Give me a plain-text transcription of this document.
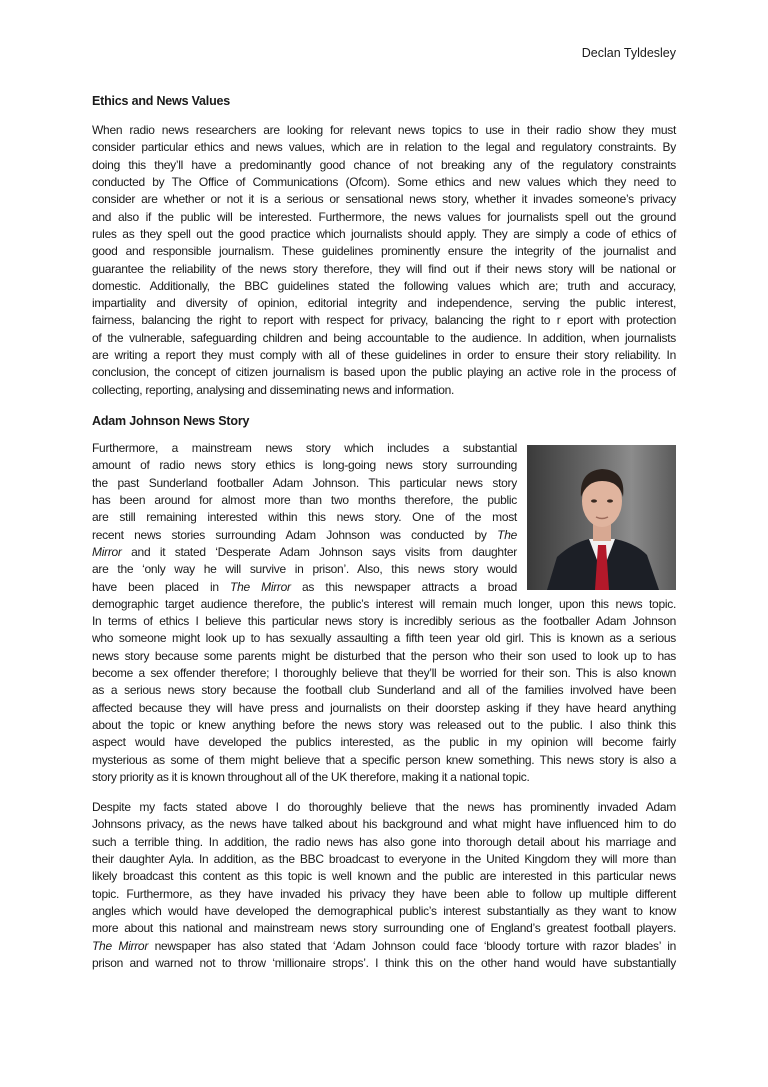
Declan Tyldesley
Ethics and News Values
When radio news researchers are looking for relevant news topics to use in their radio show they must
consider particular ethics and news values, which are in relation to the legal and regulatory constraints. By
doing this they’ll have a predominantly good chance of not breaking any of the regulatory constraints
conducted by The Office of Communications (Ofcom). Some ethics and new values which they need to
consider are whether or not it is a serious or sensational news story, whether it invades someone’s privacy
and also if the public will be interested. Furthermore, the news values for journalists spell out the ground
rules as they spell out the good practice which journalists should apply. They are simply a code of ethics of
good and responsible journalism. These guidelines prominently ensure the integrity of the journalist and
guarantee the reliability of the news story therefore, they will find out if their news story will be national or
domestic. Additionally, the BBC guidelines stated the following values which are; truth and accuracy,
impartiality and diversity of opinion, editorial integrity and independence, serving the public interest,
fairness, balancing the right to report with respect for privacy, balancing the right to r eport with protection
of the vulnerable, safeguarding children and being accountable to the audience. In addition, when journalists
are writing a report they must comply with all of these guidelines in order to ensure their story reliability. In
conclusion, the concept of citizen journalism is based upon the public playing an active role in the process of
collecting, reporting, analysing and disseminating news and information.
Adam Johnson News Story
Furthermore, a mainstream news story which includes a substantial
amount of radio news story ethics is long-going news story surrounding
the past Sunderland footballer Adam Johnson. This particular news story
has been around for almost more than two months therefore, the public
are still remaining interested within this news story. One of the most
recent news stories surrounding Adam Johnson was conducted by The
Mirror and it stated ‘Desperate Adam Johnson says visits from daughter
are the ‘only way he will survive in prison’. Also, this news story would
have been placed in The Mirror as this newspaper attracts a broad
demographic target audience therefore, the public’s interest will remain much longer, upon this news topic.
In terms of ethics I believe this particular news story is incredibly serious as the footballer Adam Johnson
who someone might look up to has sexually assaulting a fifth teen year old girl. This is known as a serious
news story because some parents might be disturbed that the person who their son used to look up to has
become a sex offender therefore; I thoroughly believe that they’ll be worried for their son. This is also known
as a serious news story because the football club Sunderland and all of the families involved have been
affected because they will have press and journalists on their doorstep asking if they have heard anything
about the topic or knew anything before the news story was released out to the public. I also think this
aspect would have developed the publics interested, as the public in my opinion will become fairly
mysterious as some of them might believe that a specific person knew something. This news story is also a
story priority as it is known throughout all of the UK therefore, making it a national topic.
Despite my facts stated above I do thoroughly believe that the news has prominently invaded Adam
Johnsons privacy, as the news have talked about his background and what might have influenced him to do
such a terrible thing. In addition, the radio news has also gone into thorough detail about his marriage and
their daughter Ayla. In addition, as the BBC broadcast to everyone in the United Kingdom they will more than
likely broadcast this content as this topic is well known and the public are interested in this particular news
topic. Furthermore, as they have invaded his privacy they have been able to follow up multiple different
angles which would have developed the demographical public’s interest substantially as they want to know
more about this national and mainstream news story surrounding one of England’s greatest football players.
The Mirror newspaper has also stated that ‘Adam Johnson could face ‘bloody torture with razor blades’ in
prison and warned not to throw ‘millionaire strops’. I think this on the other hand would have substantially
